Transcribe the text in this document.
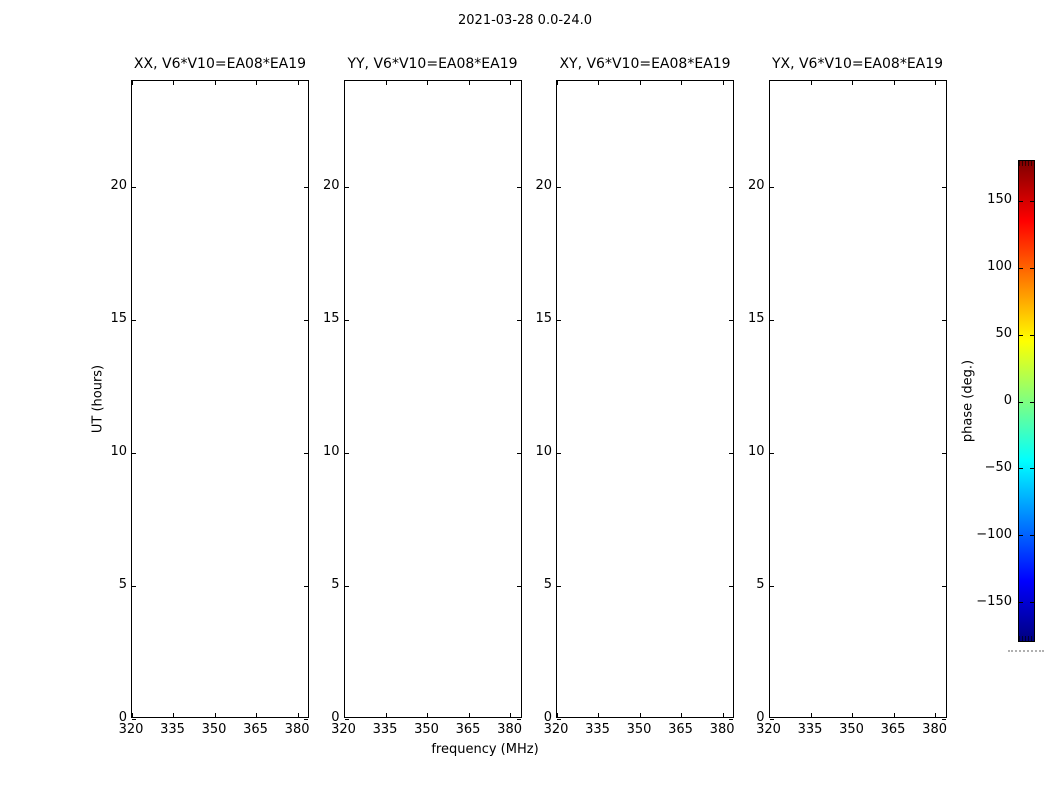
2021-03-28 0.0-24.0
frequency (MHz)
UT (hours)	phase (deg.)
XX, V6*V10=EA08*EA19
320	335	350	365	380
0
5
10
15
20
YY, V6*V10=EA08*EA19
320	335	350	365	380
0
5
10
15
20
XY, V6*V10=EA08*EA19
320	335	350	365	380
0
5
10
15
20
YX, V6*V10=EA08*EA19
320	335	350	365	380
0
5
10
15
20
150
100
50
0
−50
−100
−150
